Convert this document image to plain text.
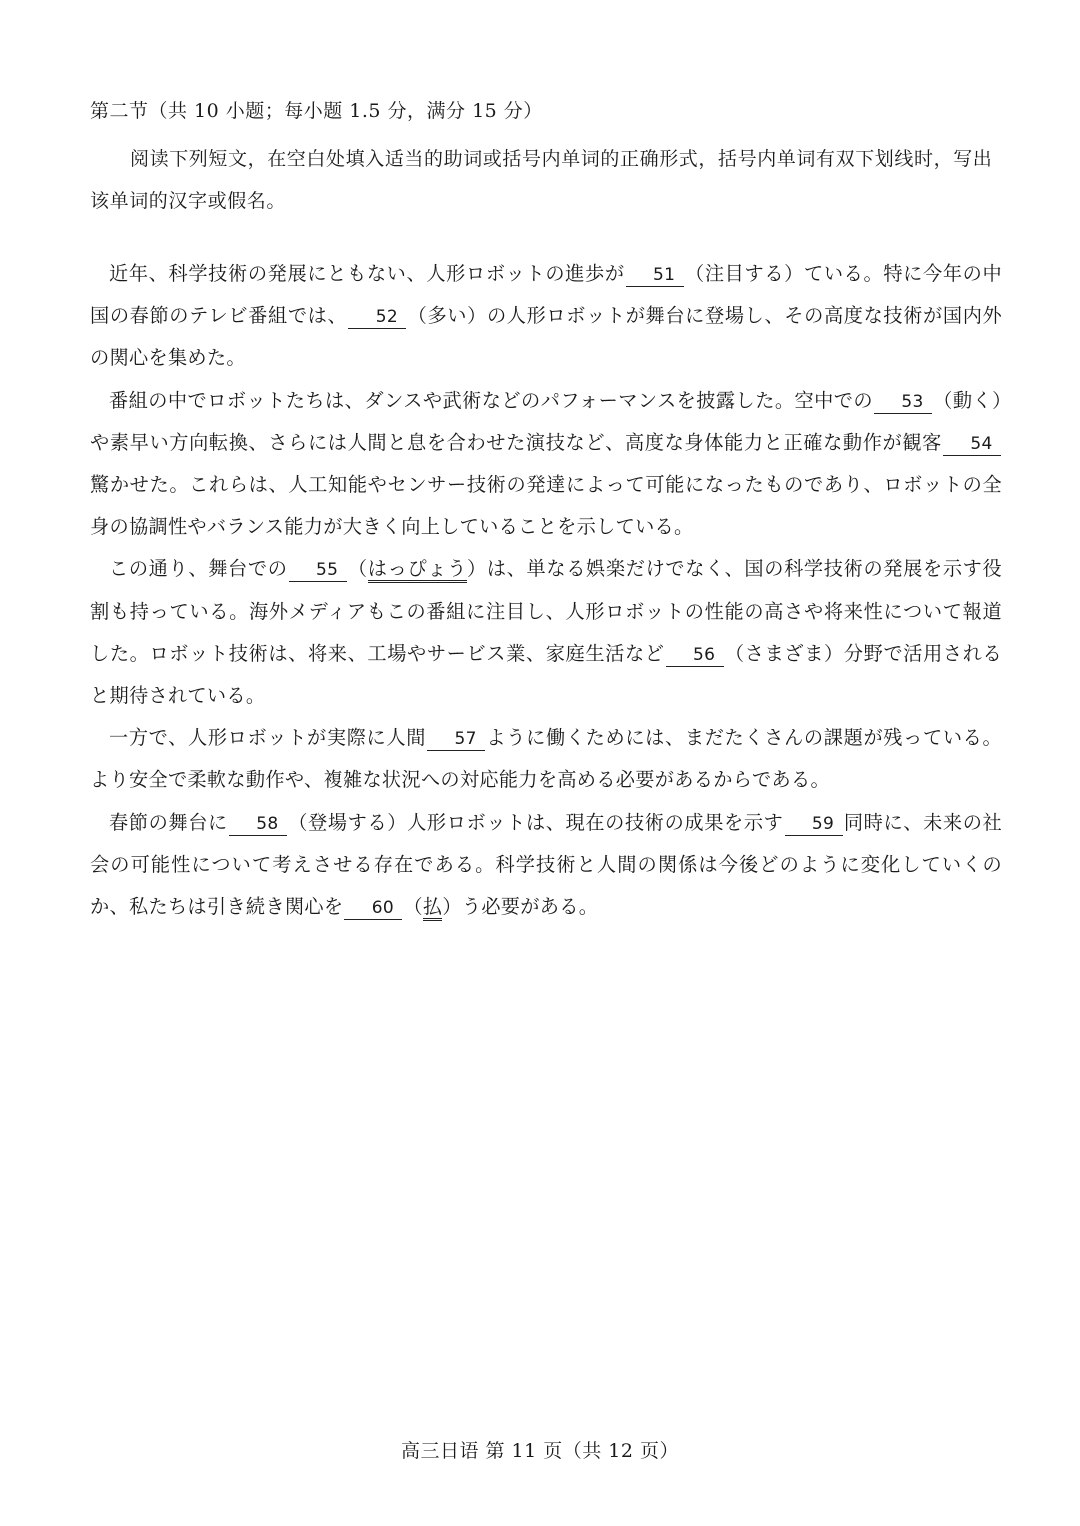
第二节（共 10 小题；每小题 1.5 分，满分 15 分）
阅读下列短文，在空白处填入适当的助词或括号内单词的正确形式，括号内单词有双下划线时，写出该单词的汉字或假名。

近年、科学技術の発展にともない、人形ロボットの進歩が 51 （注目する）ている。特に今年の中国の春節のテレビ番組では、 52 （多い）の人形ロボットが舞台に登場し、その高度な技術が国内外の関心を集めた。

番組の中でロボットたちは、ダンスや武術などのパフォーマンスを披露した。空中での 53 （動く）や素早い方向転換、さらには人間と息を合わせた演技など、高度な身体能力と正確な動作が観客 54驚かせた。これらは、人工知能やセンサー技術の発達によって可能になったものであり、ロボットの全身の協調性やバランス能力が大きく向上していることを示している。

この通り、舞台での 55 （はっぴょう）は、単なる娯楽だけでなく、国の科学技術の発展を示す役割も持っている。海外メディアもこの番組に注目し、人形ロボットの性能の高さや将来性について報道した。ロボット技術は、将来、工場やサービス業、家庭生活など 56 （さまざま）分野で活用されると期待されている。

一方で、人形ロボットが実際に人間 57 ように働くためには、まだたくさんの課題が残っている。より安全で柔軟な動作や、複雑な状況への対応能力を高める必要があるからである。

春節の舞台に 58 （登場する）人形ロボットは、現在の技術の成果を示す 59 同時に、未来の社会の可能性について考えさせる存在である。科学技術と人間の関係は今後どのように変化していくのか、私たちは引き続き関心を 60 （払）う必要がある。

高三日语 第 11 页（共 12 页）
